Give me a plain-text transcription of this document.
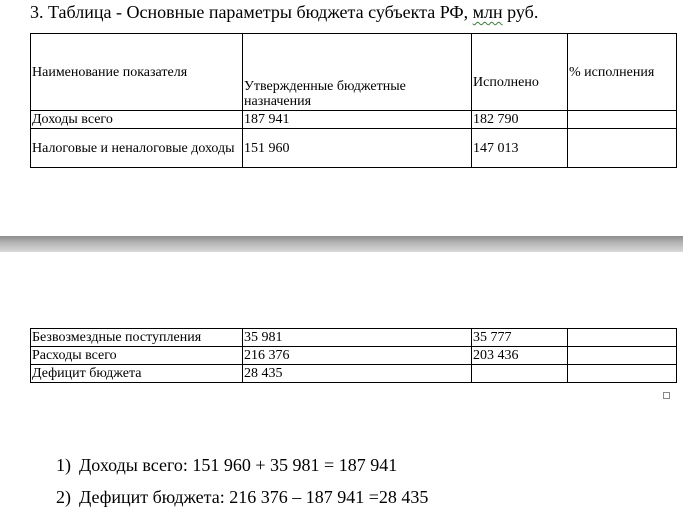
3. Таблица - Основные параметры бюджета субъекта РФ, млн руб.
Наименование показателя	Утвержденные бюджетные назначения	Исполнено	% исполнения
Доходы всего	187 941	182 790	
Налоговые и неналоговые доходы	151 960	147 013	
Безвозмездные поступления	35 981	35 777	
Расходы всего	216 376	203 436	
Дефицит бюджета	28 435		
1) Доходы всего: 151 960 + 35 981 = 187 941
2) Дефицит бюджета: 216 376 – 187 941 =28 435
